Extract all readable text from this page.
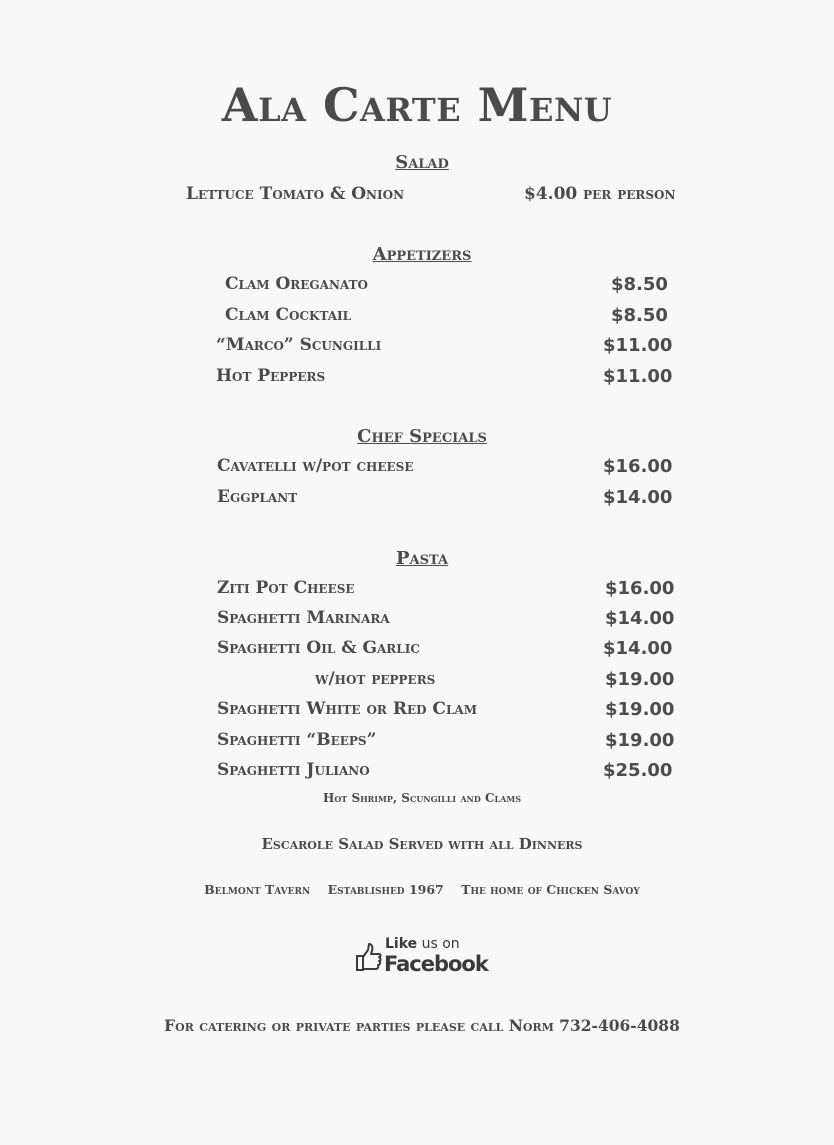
Ala Carte Menu
Salad
Lettuce Tomato & Onion	$4.00 per person
Appetizers
Clam Oreganato	$8.50
Clam Cocktail	$8.50
“Marco” Scungilli	$11.00
Hot Peppers	$11.00
Chef Specials
Cavatelli w/pot cheese	$16.00
Eggplant	$14.00
Pasta
Ziti Pot Cheese	$16.00
Spaghetti Marinara	$14.00
Spaghetti Oil & Garlic	$14.00
w/hot peppers	$19.00
Spaghetti White or Red Clam	$19.00
Spaghetti “Beeps”	$19.00
Spaghetti Juliano	$25.00
Hot Shrimp, Scungilli and Clams
Escarole Salad Served with all Dinners
Belmont Tavern    Established 1967    The home of Chicken Savoy
Like us on
Facebook
For catering or private parties please call Norm 732-406-4088
